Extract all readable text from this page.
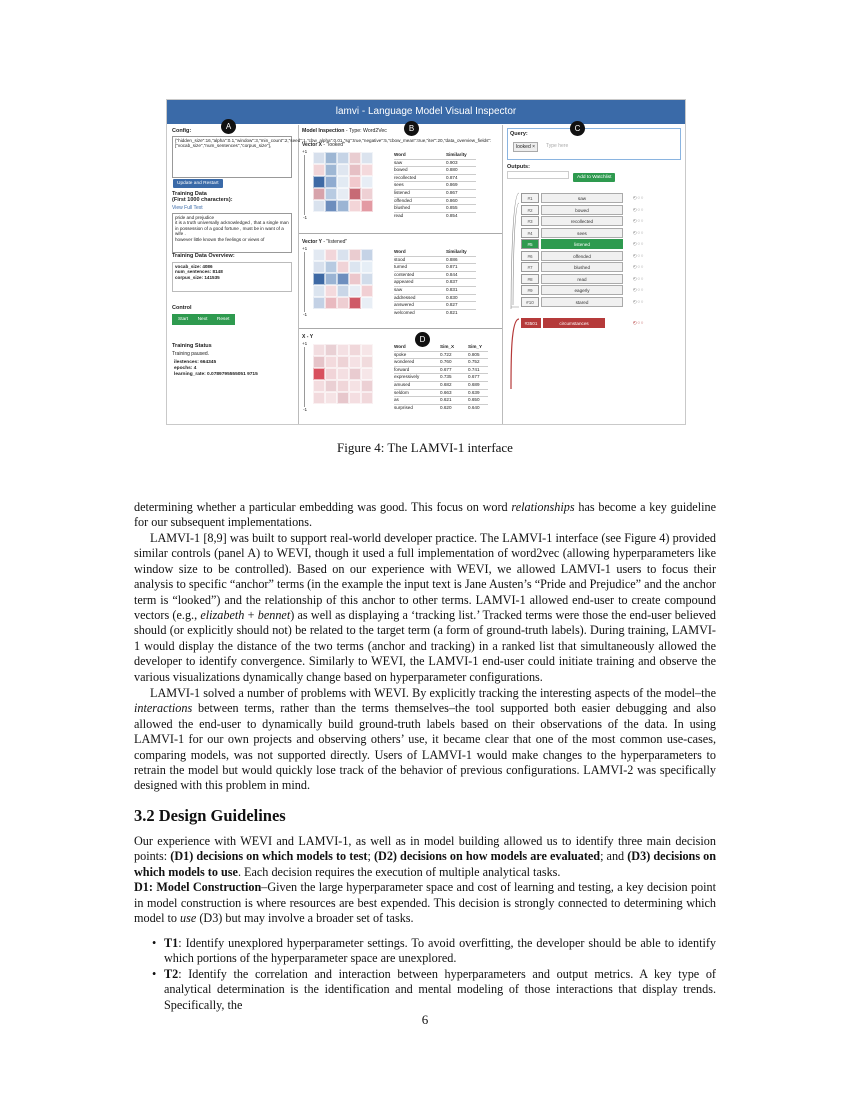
lamvi - Language Model Visual Inspector
Config:
{"hidden_size":16,"alpha":0.1,"window":3,"min_count":2,"seed":1,"cbw_alpha":0.01,"sg":true,"negative":5,"cbow_mean":true,"iter":20,"data_overview_fields": ["vocab_size","num_sentences","corpus_size"],
Update and Restart
Training Data
(First 1000 characters):
View Full Text
pride and prejudice
it is a truth universally acknowledged , that a single man in possession of a good fortune , must be in want of a wife .
however little known the feelings or views of
Training Data Overview:
vocab_size: 4086
num_sentences: 8148
corpus_size: 141535
Control
Start Next Reset
Training Status
Training paused.
ilestences: 664345
epochs: 4
learning_rate: 0.0789795555051 9715
Model Inspection - Type: Word2Vec
Vector X - "looked"
+1
-1
Word	Similarity
saw	0.903
bowed	0.880
recollected	0.874
sees	0.869
listened	0.867
offended	0.860
blushed	0.855
read	0.854
Vector Y - "listened"
+1
-1
Word	Similarity
stood	0.886
turned	0.871
contented	0.844
appeared	0.837
saw	0.831
addressed	0.830
answered	0.827
welcomed	0.821
X - Y
+1
-1
Word	Sim_X	Sim_Y
spoke	0.722	0.805
wondered	0.760	0.752
forward	0.677	0.741
expressively	0.735	0.677
amused	0.682	0.689
seldom	0.663	0.639
as	0.621	0.650
surprised	0.620	0.640
Query:
looked ×	Type here
Outputs:
Add to Watchlist
#1	saw	◴○○
#2	bowed	◴○○
#3	recollected	◴○○
#4	sees	◴○○
#5	listened	◴○○
#6	offended	◴○○
#7	blushed	◴○○
#8	read	◴○○
#9	eagerly	◴○○
#10	stared	◴○○
#3501	circumstances	◴○○
A	B	C
D
Figure 4: The LAMVI-1 interface

determining whether a particular embedding was good. This focus on word relationships has become a key guideline for our subsequent implementations.

LAMVI-1 [8,9] was built to support real-world developer practice. The LAMVI-1 interface (see Figure 4) provided similar controls (panel A) to WEVI, though it used a full implementation of word2vec (allowing hyperparameters like window size to be controlled). Based on our experience with WEVI, we allowed LAMVI-1 users to focus their analysis to specific “anchor” terms (in the example the input text is Jane Austen’s “Pride and Prejudice” and the anchor term is “looked”) and the relationship of this anchor to other terms. LAMVI-1 allowed end-user to create compound vectors (e.g., elizabeth + bennet) as well as displaying a ‘tracking list.’ Tracked terms were those the end-user believed should (or explicitly should not) be related to the target term (a form of ground-truth labels). During training, LAMVI-1 would display the distance of the two terms (anchor and tracking) in a ranked list that simultaneously allowed the developer to identify convergence. Similarly to WEVI, the LAMVI-1 end-user could initiate training and observe the various visualizations dynamically change based on hyperparameter configurations.

LAMVI-1 solved a number of problems with WEVI. By explicitly tracking the interesting aspects of the model–the interactions between terms, rather than the terms themselves–the tool supported both easier debugging and also allowed the end-user to dynamically build ground-truth labels based on their observations of the data. In using LAMVI-1 for our own projects and observing others’ use, it became clear that one of the most common use-cases, comparing models, was not supported directly. Users of LAMVI-1 would make changes to the hyperparameters to retrain the model but would quickly lose track of the behavior of previous configurations. LAMVI-2 was specifically designed with this problem in mind.

3.2 Design Guidelines

Our experience with WEVI and LAMVI-1, as well as in model building allowed us to identify three main decision points: (D1) decisions on which models to test; (D2) decisions on how models are evaluated; and (D3) decisions on which models to use. Each decision requires the execution of multiple analytical tasks.

D1: Model Construction–Given the large hyperparameter space and cost of learning and testing, a key decision point in model construction is where resources are best expended. This decision is strongly connected to determining which model to use (D3) but may involve a broader set of tasks.

• T1: Identify unexplored hyperparameter settings. To avoid overfitting, the developer should be able to identify which portions of the hyperparameter space are unexplored.
• T2: Identify the correlation and interaction between hyperparameters and output metrics. A key type of analytical determination is the identification and mental modeling of those interactions that display trends. Specifically, the
6
